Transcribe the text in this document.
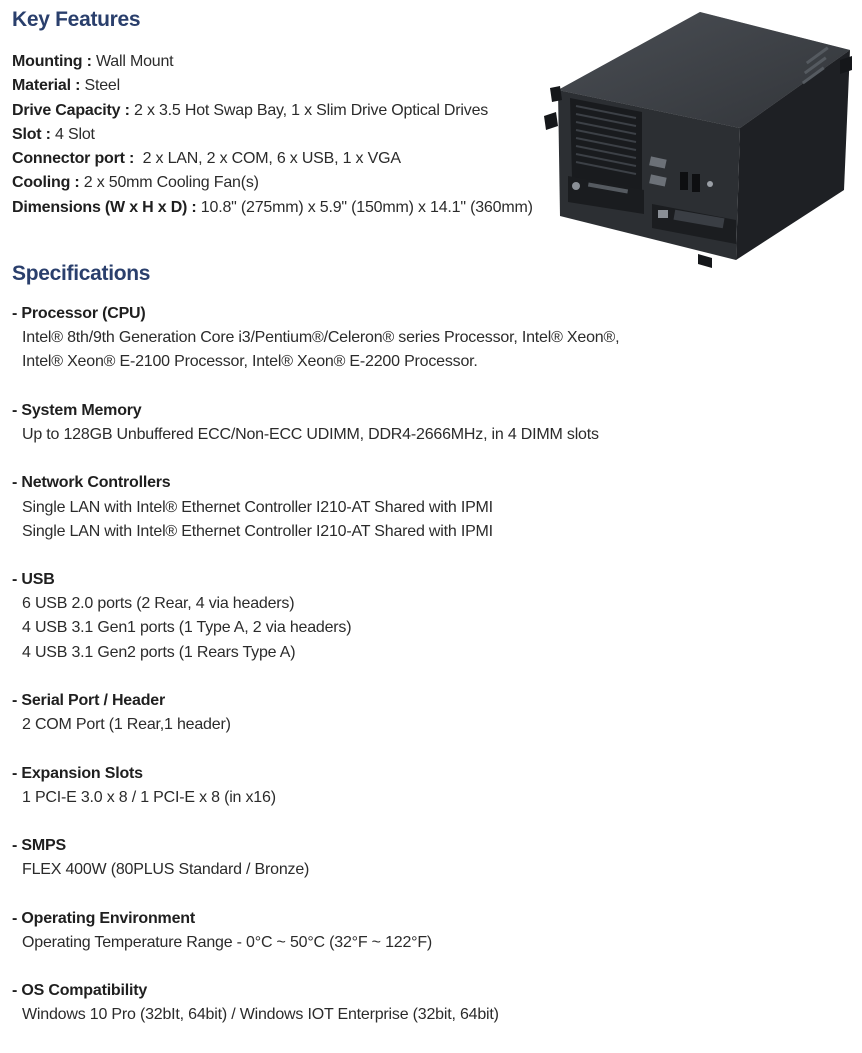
Key Features
Mounting : Wall Mount
Material : Steel
Drive Capacity : 2 x 3.5 Hot Swap Bay, 1 x Slim Drive Optical Drives
Slot : 4 Slot
Connector port :  2 x LAN, 2 x COM, 6 x USB, 1 x VGA
Cooling : 2 x 50mm Cooling Fan(s)
Dimensions (W x H x D) : 10.8" (275mm) x 5.9" (150mm) x 14.1" (360mm)
Specifications
- Processor (CPU)
Intel® 8th/9th Generation Core i3/Pentium®/Celeron® series Processor, Intel® Xeon®,
Intel® Xeon® E-2100 Processor, Intel® Xeon® E-2200 Processor.
- System Memory
Up to 128GB Unbuffered ECC/Non-ECC UDIMM, DDR4-2666MHz, in 4 DIMM slots
- Network Controllers
Single LAN with Intel® Ethernet Controller I210-AT Shared with IPMI
Single LAN with Intel® Ethernet Controller I210-AT Shared with IPMI
- USB
6 USB 2.0 ports (2 Rear, 4 via headers)
4 USB 3.1 Gen1 ports (1 Type A, 2 via headers)
4 USB 3.1 Gen2 ports (1 Rears Type A)
- Serial Port / Header
2 COM Port (1 Rear,1 header)
- Expansion Slots
1 PCI-E 3.0 x 8 / 1 PCI-E x 8 (in x16)
- SMPS
FLEX 400W (80PLUS Standard / Bronze)
- Operating Environment
Operating Temperature Range - 0°C ~ 50°C (32°F ~ 122°F)
- OS Compatibility
Windows 10 Pro (32bIt, 64bit) / Windows IOT Enterprise (32bit, 64bit)
